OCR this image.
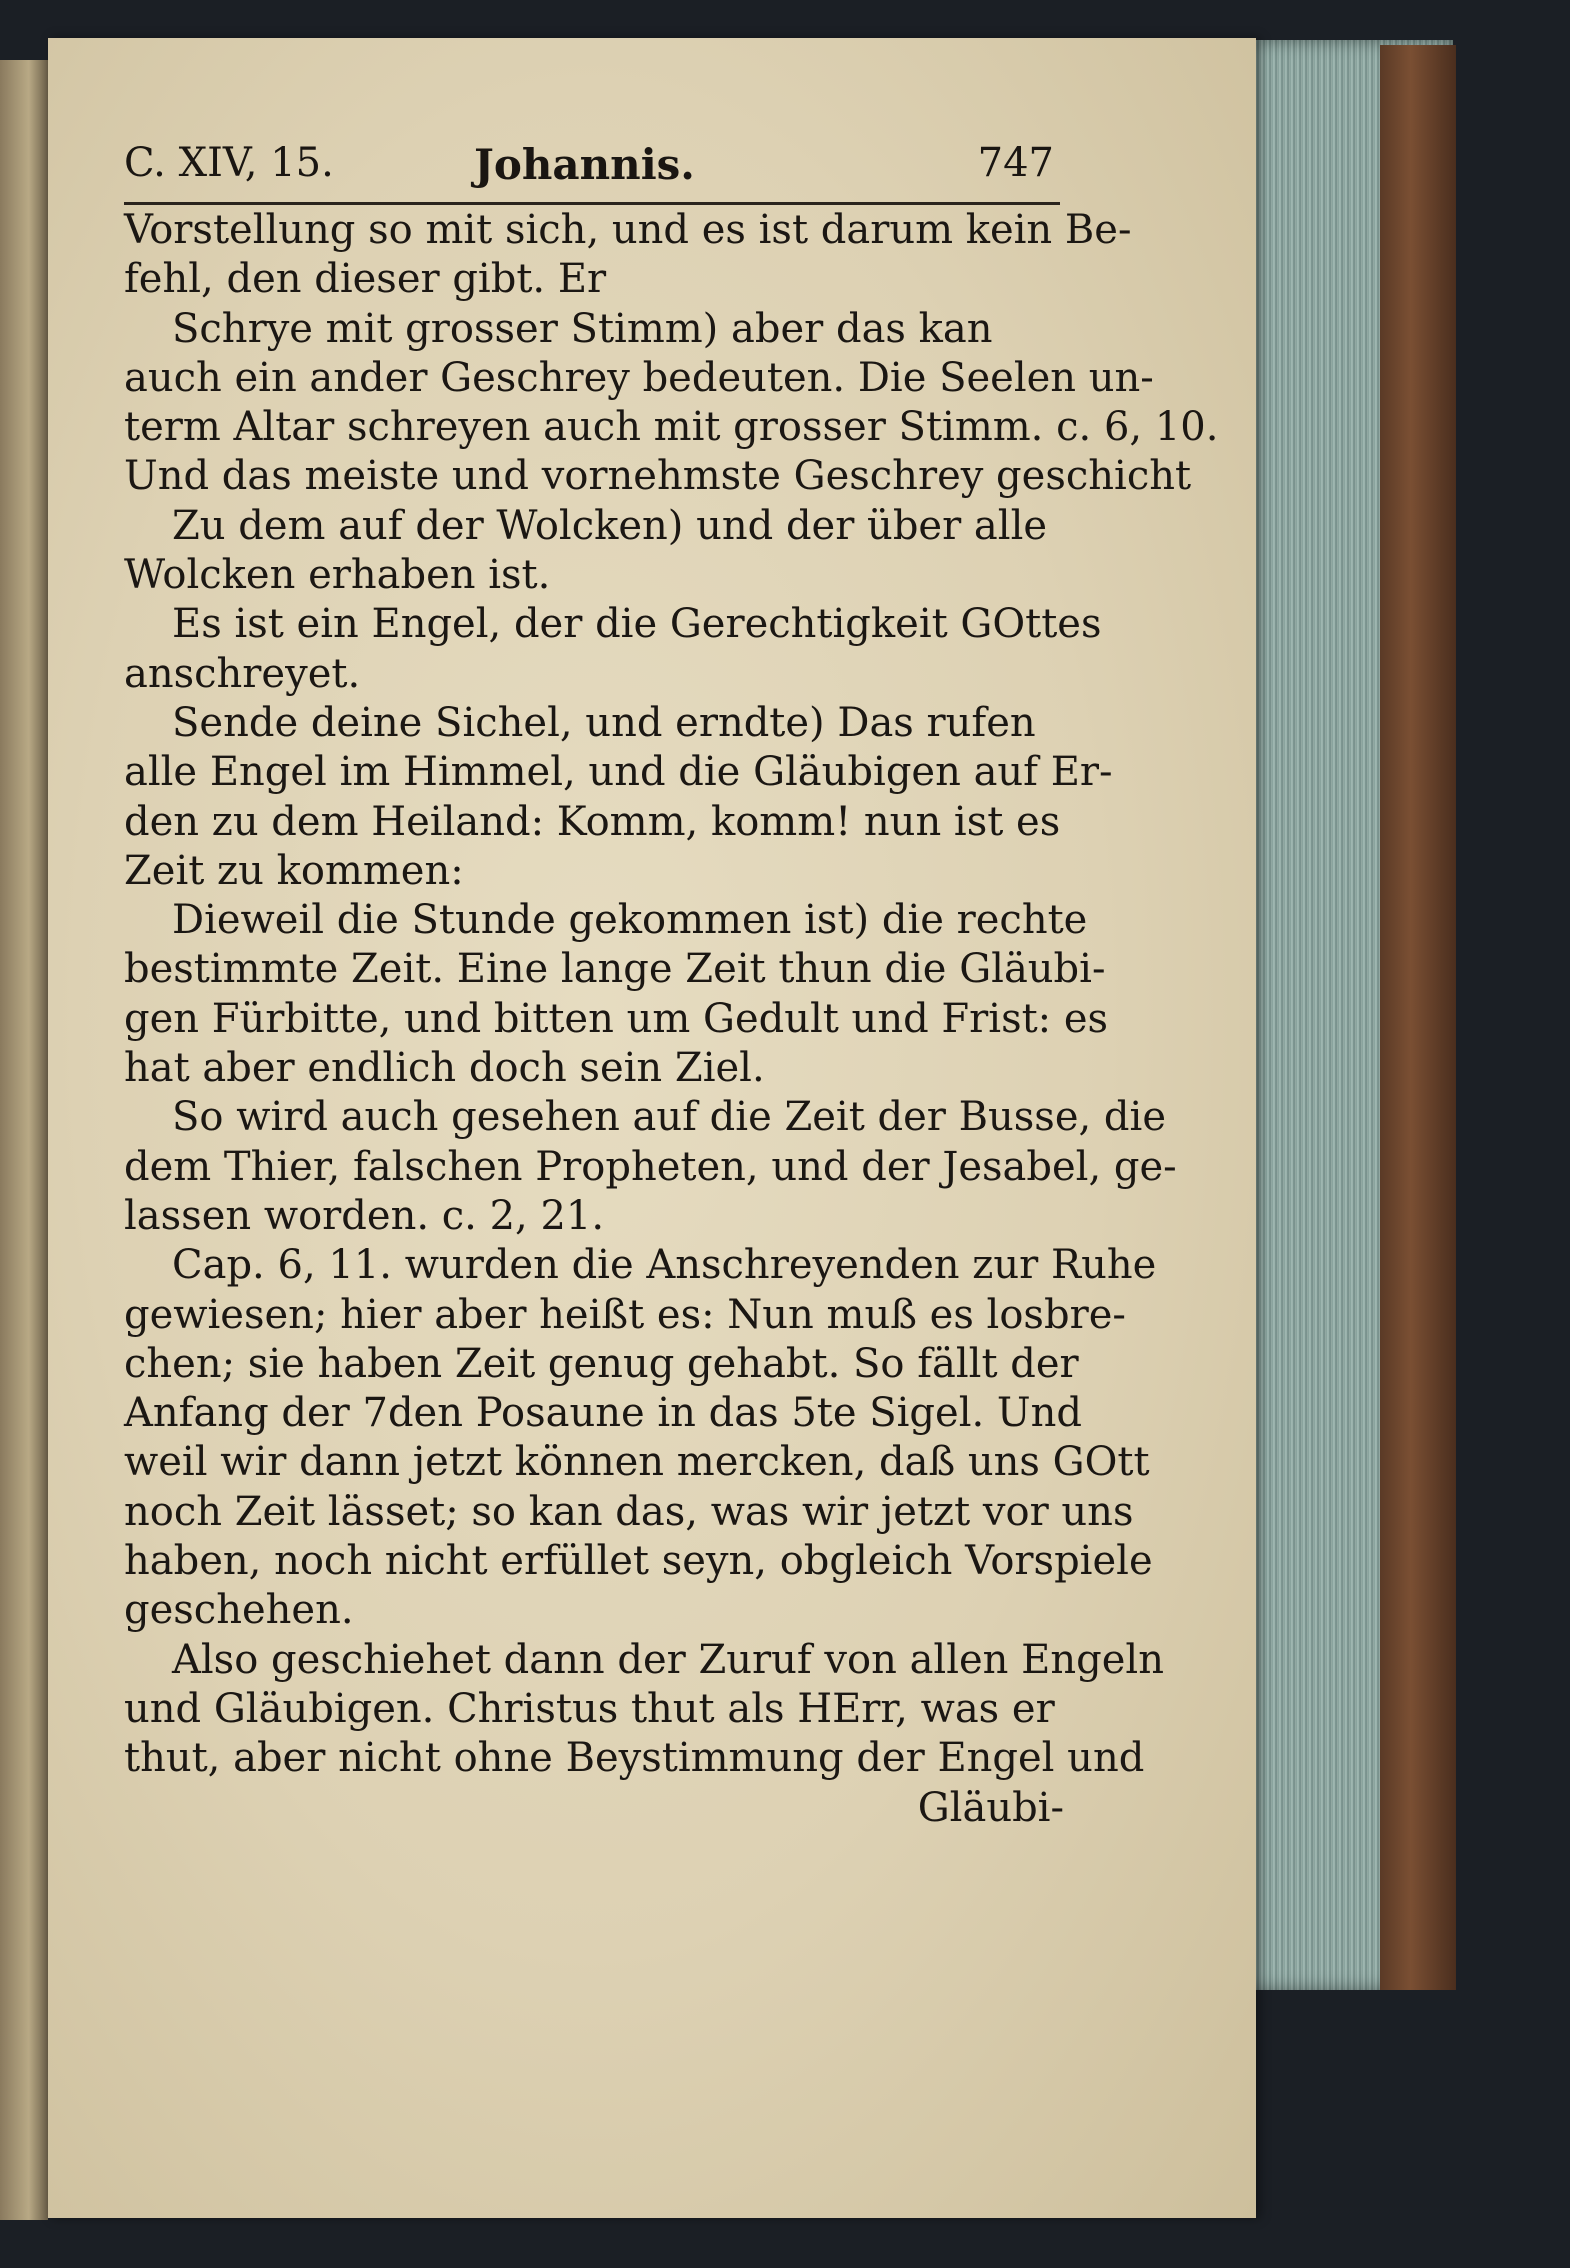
C. XIV, 15.	Johannis.	747
Vorstellung so mit sich, und es ist darum kein Be-
fehl, den dieser gibt. Er
Schrye mit grosser Stimm) aber das kan
auch ein ander Geschrey bedeuten. Die Seelen un-
term Altar schreyen auch mit grosser Stimm. c. 6, 10.
Und das meiste und vornehmste Geschrey geschicht
Zu dem auf der Wolcken) und der über alle
Wolcken erhaben ist.
Es ist ein Engel, der die Gerechtigkeit GOttes
anschreyet.
Sende deine Sichel, und erndte) Das rufen
alle Engel im Himmel, und die Gläubigen auf Er-
den zu dem Heiland: Komm, komm! nun ist es
Zeit zu kommen:
Dieweil die Stunde gekommen ist) die rechte
bestimmte Zeit. Eine lange Zeit thun die Gläubi-
gen Fürbitte, und bitten um Gedult und Frist: es
hat aber endlich doch sein Ziel.
So wird auch gesehen auf die Zeit der Busse, die
dem Thier, falschen Propheten, und der Jesabel, ge-
lassen worden. c. 2, 21.
Cap. 6, 11. wurden die Anschreyenden zur Ruhe
gewiesen; hier aber heißt es: Nun muß es losbre-
chen; sie haben Zeit genug gehabt. So fällt der
Anfang der 7den Posaune in das 5te Sigel. Und
weil wir dann jetzt können mercken, daß uns GOtt
noch Zeit lässet; so kan das, was wir jetzt vor uns
haben, noch nicht erfüllet seyn, obgleich Vorspiele
geschehen.
Also geschiehet dann der Zuruf von allen Engeln
und Gläubigen. Christus thut als HErr, was er
thut, aber nicht ohne Beystimmung der Engel und
Gläubi-
